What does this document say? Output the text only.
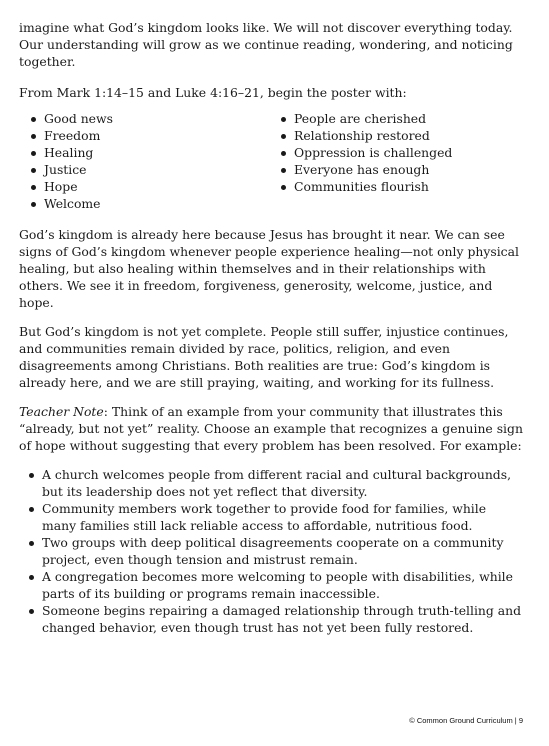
imagine what God’s kingdom looks like. We will not discover everything today. Our understanding will grow as we continue reading, wondering, and noticing together.

From Mark 1:14–15 and Luke 4:16–21, begin the poster with:

Good news
Freedom
Healing
Justice
Hope
Welcome
People are cherished
Relationship restored
Oppression is challenged
Everyone has enough
Communities flourish

God’s kingdom is already here because Jesus has brought it near. We can see signs of God’s kingdom whenever people experience healing—not only physical healing, but also healing within themselves and in their relationships with others. We see it in freedom, forgiveness, generosity, welcome, justice, and hope.

But God’s kingdom is not yet complete. People still suffer, injustice continues, and communities remain divided by race, politics, religion, and even disagreements among Christians. Both realities are true: God’s kingdom is already here, and we are still praying, waiting, and working for its fullness.

Teacher Note: Think of an example from your community that illustrates this “already, but not yet” reality. Choose an example that recognizes a genuine sign of hope without suggesting that every problem has been resolved. For example:

A church welcomes people from different racial and cultural backgrounds, but its leadership does not yet reflect that diversity.
Community members work together to provide food for families, while many families still lack reliable access to affordable, nutritious food.
Two groups with deep political disagreements cooperate on a community project, even though tension and mistrust remain.
A congregation becomes more welcoming to people with disabilities, while parts of its building or programs remain inaccessible.
Someone begins repairing a damaged relationship through truth-telling and changed behavior, even though trust has not yet been fully restored.
© Common Ground Curriculum | 9
